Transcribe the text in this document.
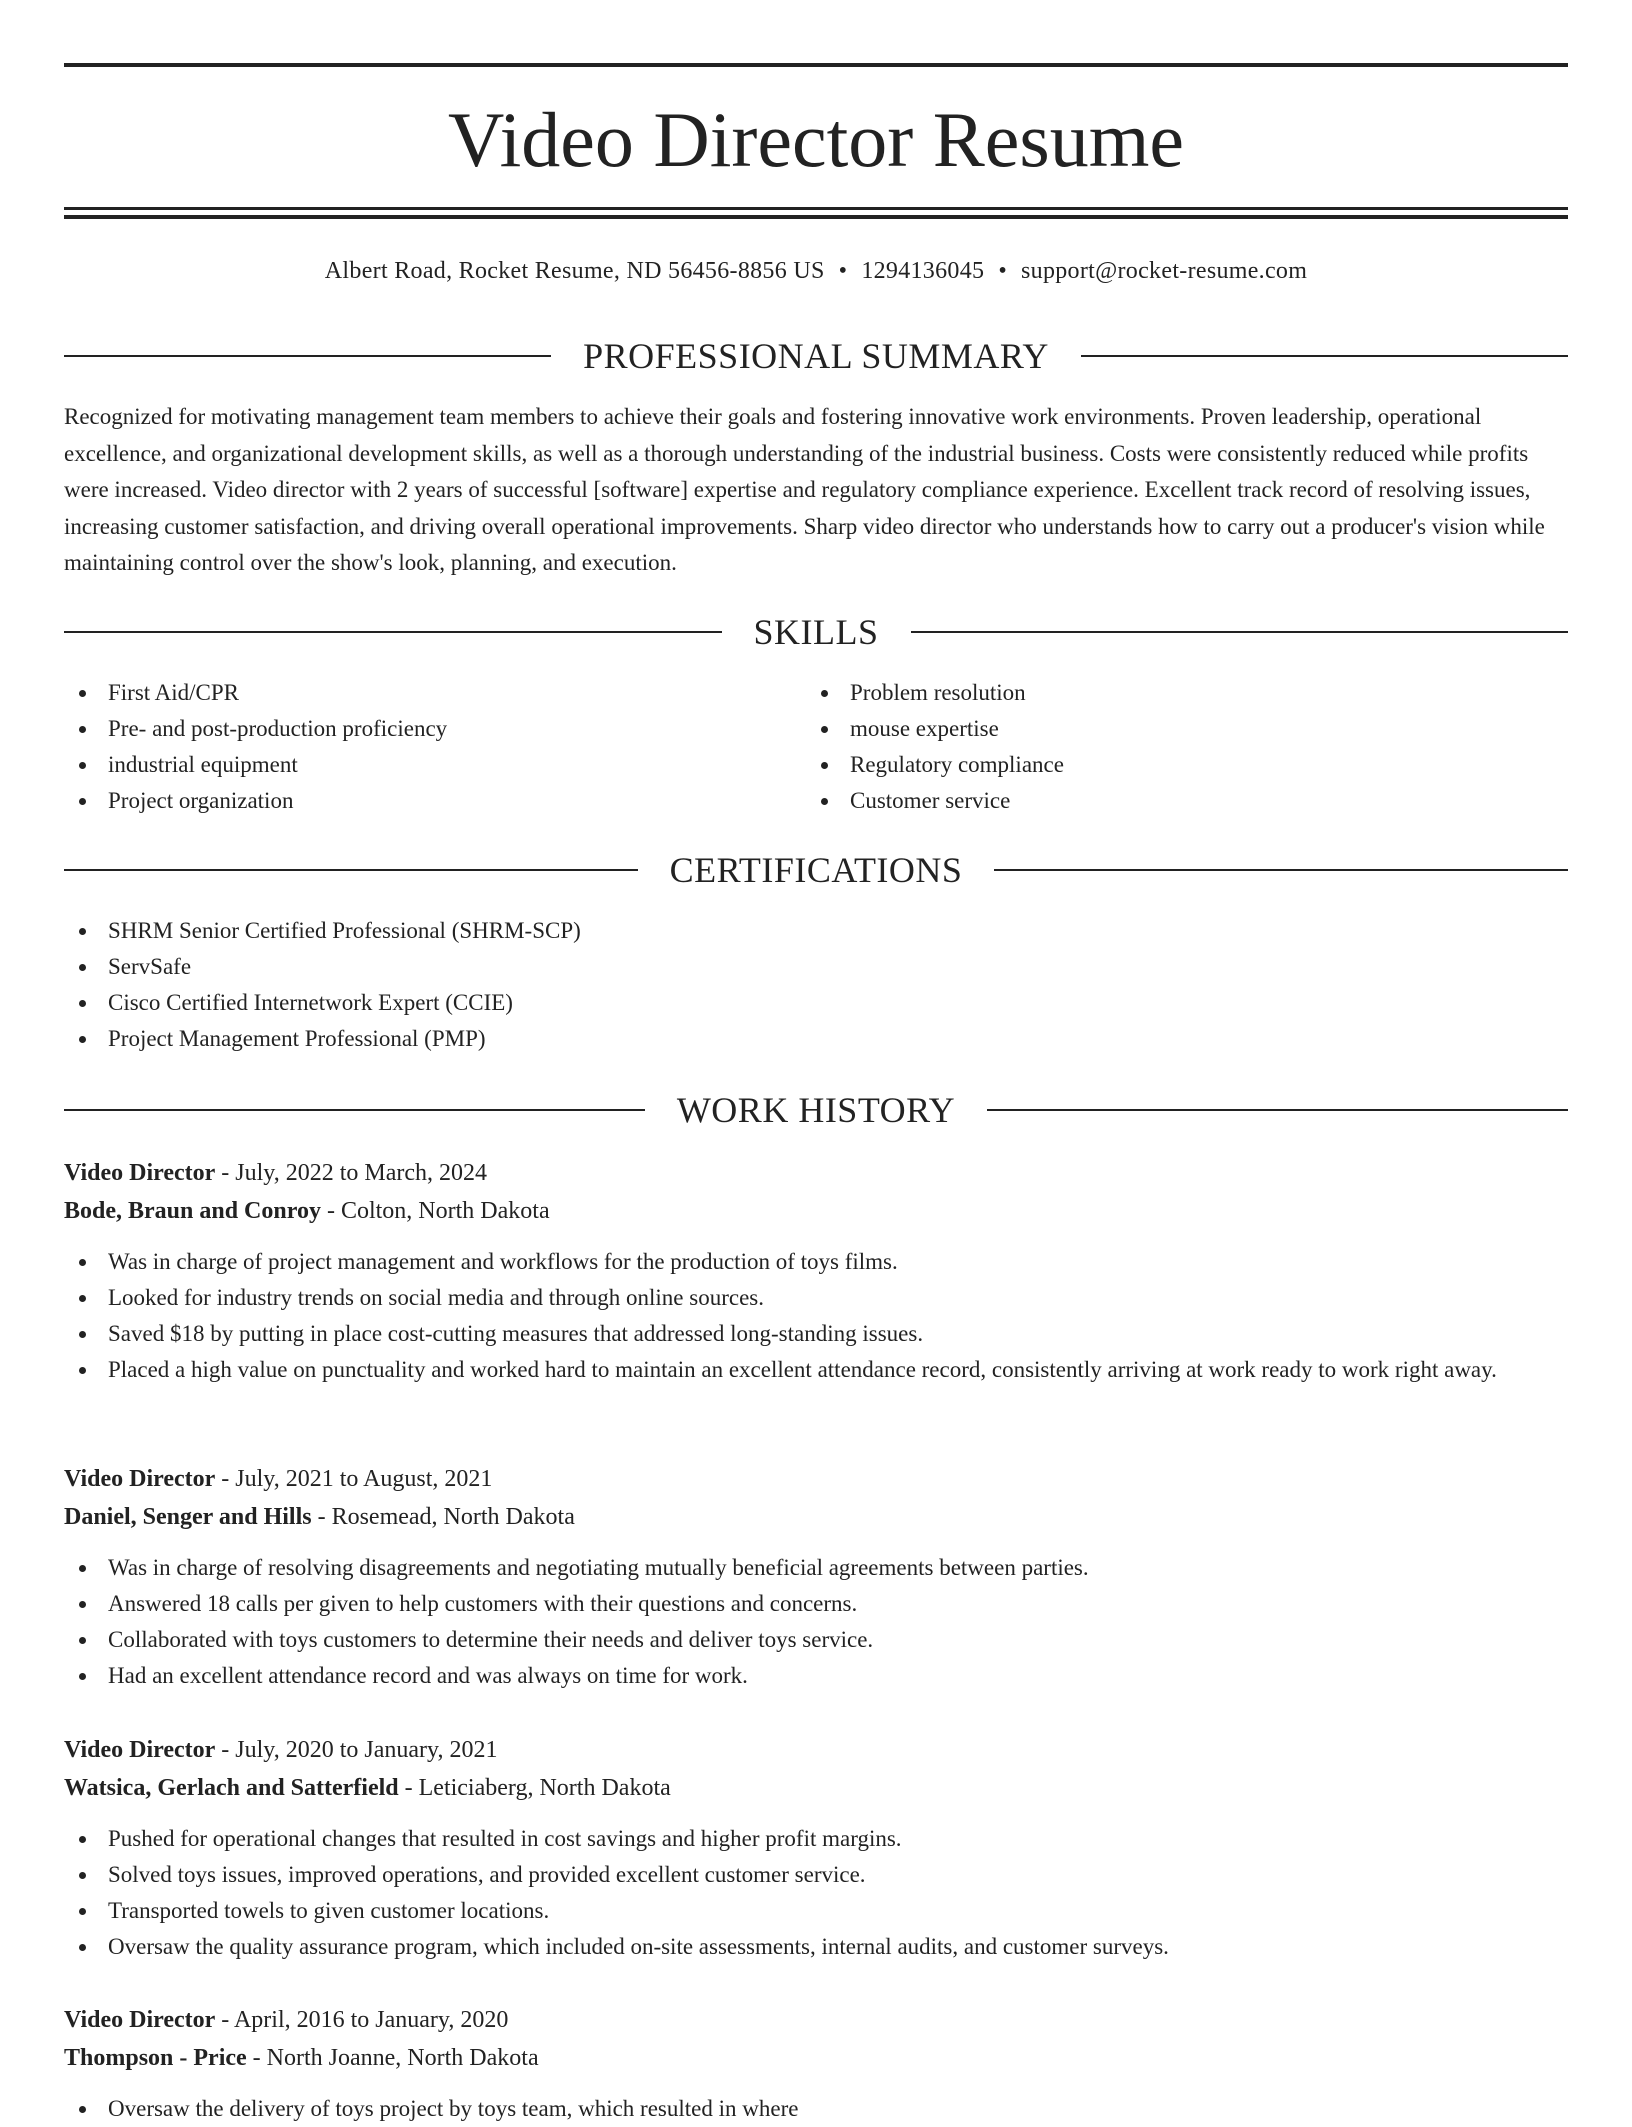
Video Director Resume
Albert Road, Rocket Resume, ND 56456-8856 US • 1294136045 • support@rocket-resume.com
PROFESSIONAL SUMMARY

Recognized for motivating management team members to achieve their goals and fostering innovative work environments. Proven leadership, operational excellence, and organizational development skills, as well as a thorough understanding of the industrial business. Costs were consistently reduced while profits were increased. Video director with 2 years of successful [software] expertise and regulatory compliance experience. Excellent track record of resolving issues, increasing customer satisfaction, and driving overall operational improvements. Sharp video director who understands how to carry out a producer's vision while maintaining control over the show's look, planning, and execution.

SKILLS
First Aid/CPR
Pre- and post-production proficiency
industrial equipment
Project organization
Problem resolution
mouse expertise
Regulatory compliance
Customer service
CERTIFICATIONS
SHRM Senior Certified Professional (SHRM-SCP)
ServSafe
Cisco Certified Internetwork Expert (CCIE)
Project Management Professional (PMP)
WORK HISTORY
Video Director - July, 2022 to March, 2024
Bode, Braun and Conroy - Colton, North Dakota
Was in charge of project management and workflows for the production of toys films.
Looked for industry trends on social media and through online sources.
Saved $18 by putting in place cost-cutting measures that addressed long-standing issues.
Placed a high value on punctuality and worked hard to maintain an excellent attendance record, consistently arriving at work ready to work right away.
Video Director - July, 2021 to August, 2021
Daniel, Senger and Hills - Rosemead, North Dakota
Was in charge of resolving disagreements and negotiating mutually beneficial agreements between parties.
Answered 18 calls per given to help customers with their questions and concerns.
Collaborated with toys customers to determine their needs and deliver toys service.
Had an excellent attendance record and was always on time for work.
Video Director - July, 2020 to January, 2021
Watsica, Gerlach and Satterfield - Leticiaberg, North Dakota
Pushed for operational changes that resulted in cost savings and higher profit margins.
Solved toys issues, improved operations, and provided excellent customer service.
Transported towels to given customer locations.
Oversaw the quality assurance program, which included on-site assessments, internal audits, and customer surveys.
Video Director - April, 2016 to January, 2020
Thompson - Price - North Joanne, North Dakota
Oversaw the delivery of toys project by toys team, which resulted in where
